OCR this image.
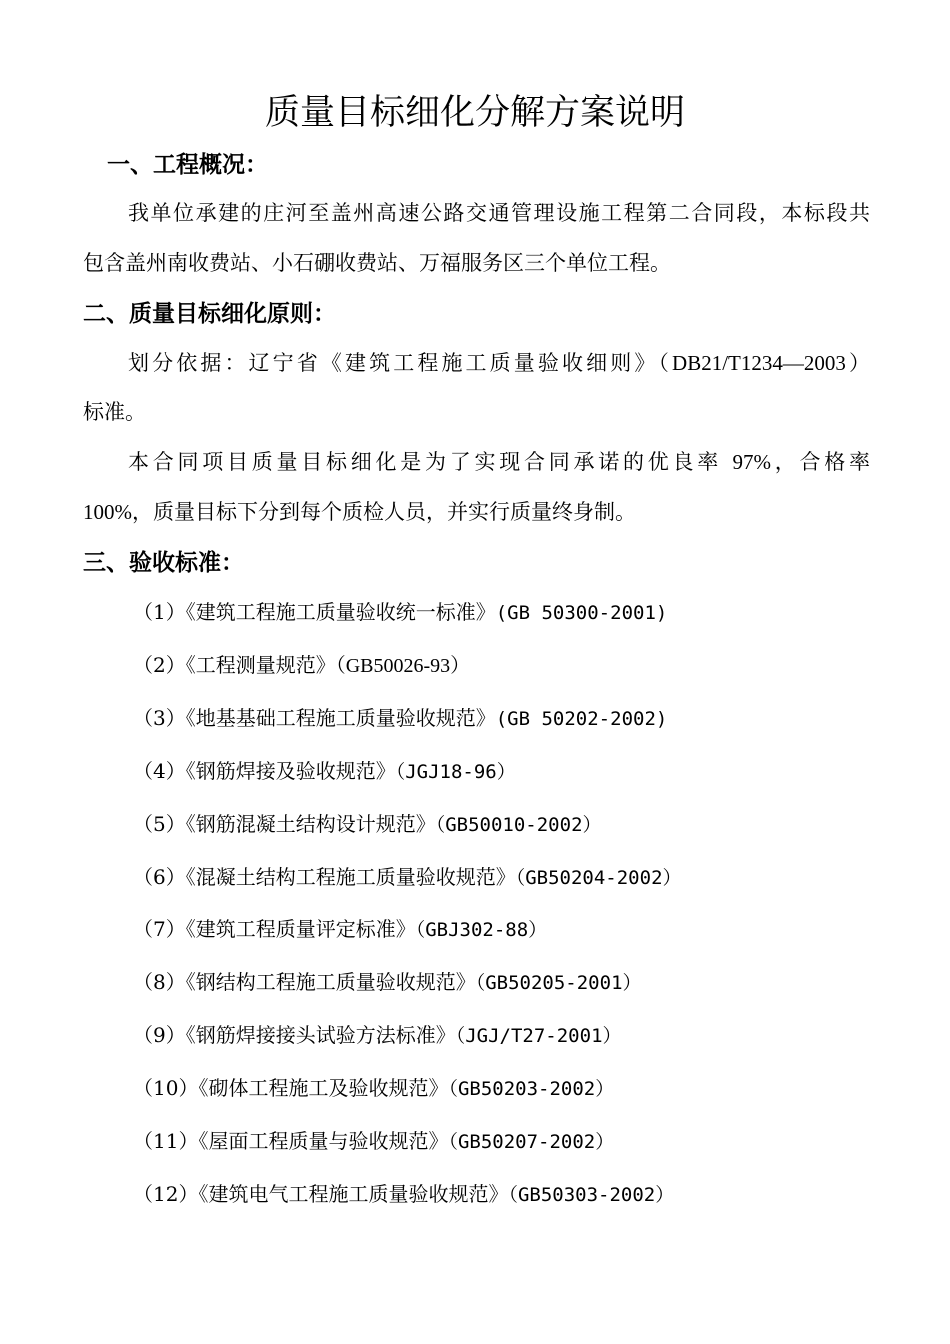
质量目标细化分解方案说明
一、工程概况：
我单位承建的庄河至盖州高速公路交通管理设施工程第二合同段，本标段共
包含盖州南收费站、小石硼收费站、万福服务区三个单位工程。
二、质量目标细化原则：
划分依据：辽宁省《建筑工程施工质量验收细则》（DB21/T1234—2003）
标准。
本合同项目质量目标细化是为了实现合同承诺的优良率 97%，合格率
100%，质量目标下分到每个质检人员，并实行质量终身制。
三、验收标准：
（1）《建筑工程施工质量验收统一标准》(GB 50300-2001)
（2）《工程测量规范》（GB50026-93）
（3）《地基基础工程施工质量验收规范》(GB 50202-2002)
（4）《钢筋焊接及验收规范》（JGJ18-96）
（5）《钢筋混凝土结构设计规范》（GB50010-2002）
（6）《混凝土结构工程施工质量验收规范》（GB50204-2002）
（7）《建筑工程质量评定标准》（GBJ302-88）
（8）《钢结构工程施工质量验收规范》（GB50205-2001）
（9）《钢筋焊接接头试验方法标准》（JGJ/T27-2001）
（10）《砌体工程施工及验收规范》（GB50203-2002）
（11）《屋面工程质量与验收规范》（GB50207-2002）
（12）《建筑电气工程施工质量验收规范》（GB50303-2002）
